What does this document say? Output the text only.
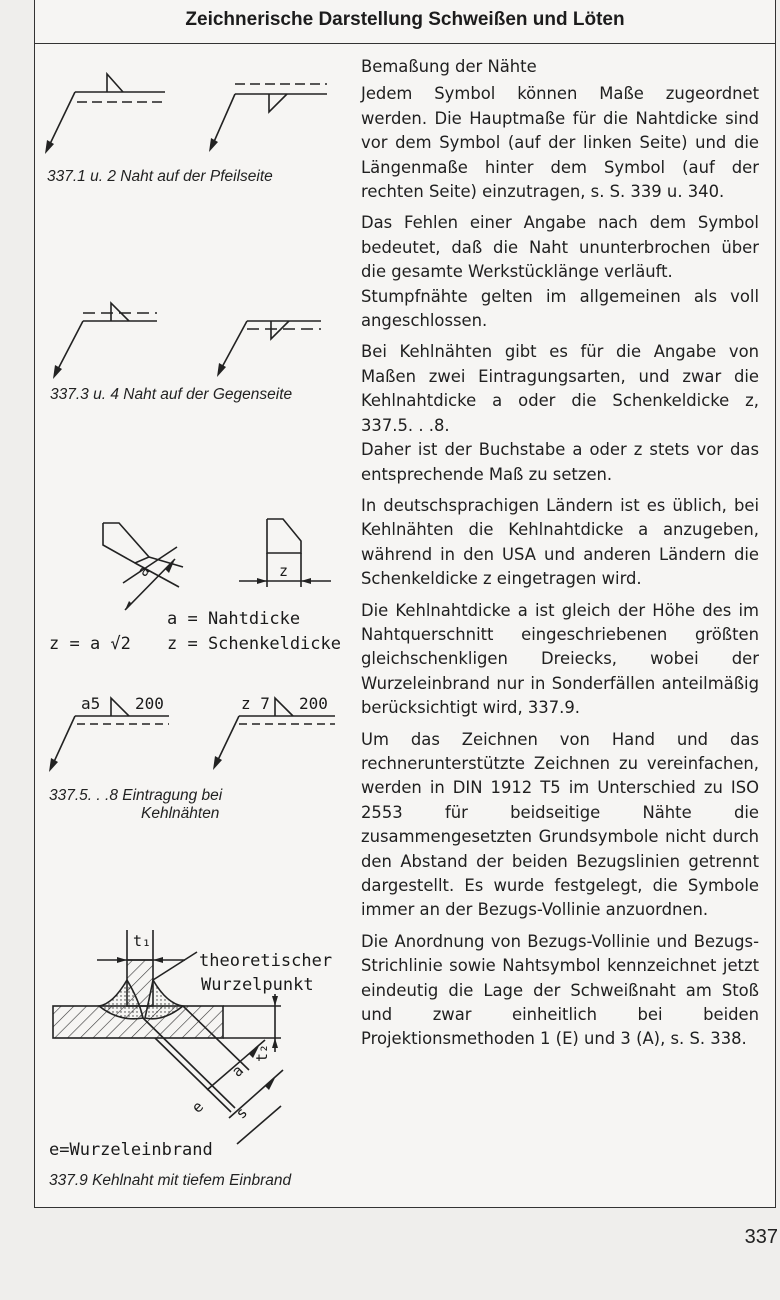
Zeichnerische Darstellung Schweißen und Löten
337.1 u. 2 Naht auf der Pfeilseite
337.3 u. 4 Naht auf der Gegenseite
a	z
a = Nahtdicke
z = Schenkeldicke
z = a √2
a5 200	z 7 200
337.5. . .8 Eintragung bei
Kehlnähten
t₁
theoretischer
Wurzelpunkt
t₂
a
e s
e=Wurzeleinbrand
337.9 Kehlnaht mit tiefem Einbrand

Bemaßung der Nähte

Jedem Symbol können Maße zugeordnet werden. Die Hauptmaße für die Nahtdicke sind vor dem Symbol (auf der linken Seite) und die Längenmaße hinter dem Symbol (auf der rechten Seite) einzutragen, s. S. 339 u. 340.

Das Fehlen einer Angabe nach dem Symbol bedeutet, daß die Naht ununterbrochen über die gesamte Werkstücklänge verläuft.

Stumpfnähte gelten im allgemeinen als voll angeschlossen.

Bei Kehlnähten gibt es für die Angabe von Maßen zwei Eintragungsarten, und zwar die Kehlnahtdicke a oder die Schenkeldicke z, 337.5. . .8.

Daher ist der Buchstabe a oder z stets vor das entsprechende Maß zu setzen.

In deutschsprachigen Ländern ist es üblich, bei Kehlnähten die Kehlnahtdicke a anzugeben, während in den USA und anderen Ländern die Schenkeldicke z eingetragen wird.

Die Kehlnahtdicke a ist gleich der Höhe des im Nahtquerschnitt eingeschriebenen größten gleichschenkligen Dreiecks, wobei der Wurzeleinbrand nur in Sonderfällen anteilmäßig berücksichtigt wird, 337.9.

Um das Zeichnen von Hand und das rechnerunterstützte Zeichnen zu vereinfachen, werden in DIN 1912 T5 im Unterschied zu ISO 2553 für beidseitige Nähte die zusammengesetzten Grundsymbole nicht durch den Abstand der beiden Bezugslinien getrennt dargestellt. Es wurde festgelegt, die Symbole immer an der Bezugs-Vollinie anzuordnen.

Die Anordnung von Bezugs-Vollinie und Bezugs-Strichlinie sowie Nahtsymbol kennzeichnet jetzt eindeutig die Lage der Schweißnaht am Stoß und zwar einheitlich bei beiden Projektionsmethoden 1 (E) und 3 (A), s. S. 338.

337
